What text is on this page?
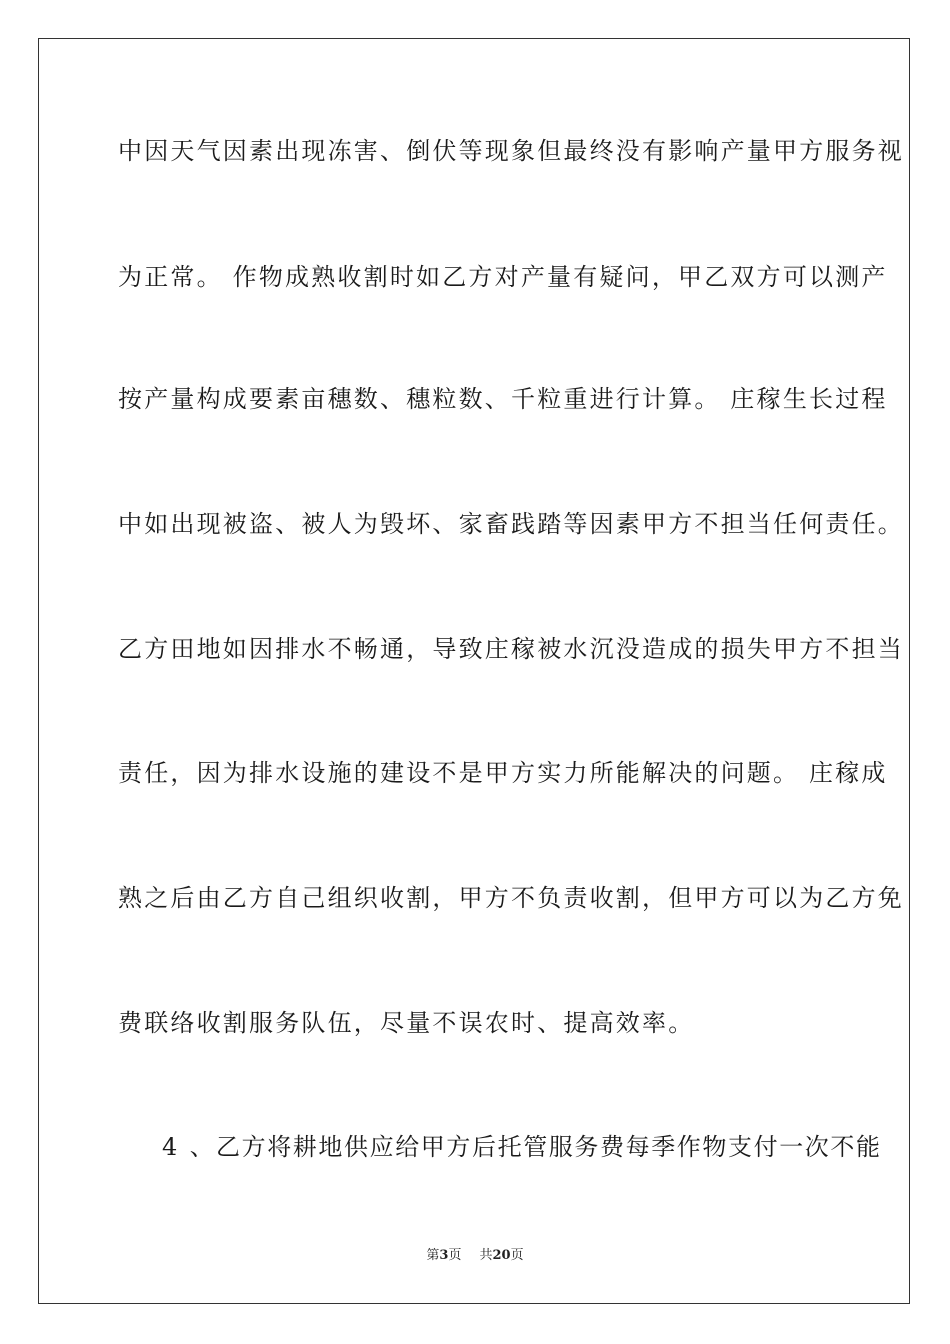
中因天气因素出现冻害、倒伏等现象但最终没有影响产量甲方服务视
为正常。 作物成熟收割时如乙方对产量有疑问，甲乙双方可以测产
按产量构成要素亩穗数、穗粒数、千粒重进行计算。 庄稼生长过程
中如出现被盗、被人为毁坏、家畜践踏等因素甲方不担当任何责任。
乙方田地如因排水不畅通，导致庄稼被水沉没造成的损失甲方不担当
责任，因为排水设施的建设不是甲方实力所能解决的问题。 庄稼成
熟之后由乙方自己组织收割，甲方不负责收割，但甲方可以为乙方免
费联络收割服务队伍，尽量不误农时、提高效率。
4、乙方将耕地供应给甲方后托管服务费每季作物支付一次不能
第3页 共20页
